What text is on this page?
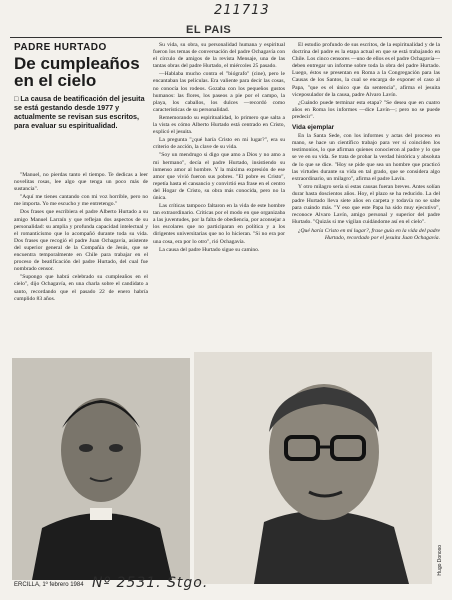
211713
EL PAIS
PADRE HURTADO
De cumpleaños en el cielo
□ La causa de beatificación del jesuita se está gestando desde 1977 y actualmente se revisan sus escritos, para evaluar su espiritualidad.

"Manuel, no pierdas tanto el tiempo. Te dedicas a leer novelitas rosas, lee algo que tenga un poco más de sustancia".

"Aquí me tienes cantando con mi voz horrible, pero no me importa. Yo me escucho y me entretengo."

Dos frases que escribiera el padre Alberto Hurtado a su amigo Manuel Larraín y que reflejan dos aspectos de su personalidad: su amplia y profunda capacidad intelectual y el romanticismo que lo acompañó durante toda su vida. Dos frases que recogió el padre Juan Ochagavía, asistente del superior general de la Compañía de Jesús, que se encuentra temporalmente en Chile para trabajar en el proceso de beatificación del padre Hurtado, del cual fue nombrado censor.

"Supongo que habrá celebrado su cumpleaños en el cielo", dijo Ochagavía, en una charla sobre el candidato a santo, recordando que el pasado 22 de enero habría cumplido 83 años.

Su vida, su obra, su personalidad humana y espiritual fueron los temas de conversación del padre Ochagavía con el círculo de amigos de la revista Mensaje, una de las tantas obras del padre Hurtado, el miércoles 25 pasado.

—Hablaba mucho contra el "biógrafo" (cine), pero le encantaban las películas. Era valiente para decir las cosas, no conocía los rodeos. Gozaba con los pequeños gustos humanos: las flores, los paseos a pie por el campo, la playa, los caballos, los dulces —recordó como características de su personalidad.

Rememorando su espiritualidad, lo primero que salta a la vista es cómo Alberto Hurtado está centrado en Cristo, explicó el jesuita.

La pregunta "¿qué haría Cristo en mi lugar?", era su criterio de acción, la clave de su vida.

"Soy un mendrugo si digo que amo a Dios y no amo a mi hermano", decía el padre Hurtado, insistiendo su inmenso amor al hombre. Y la máxima expresión de ese amor que vivió fueron sus pobres. "El pobre es Cristo", repetía hasta el cansancio y convirtió esa frase en el centro del Hogar de Cristo, su obra más conocida, pero no la única.

Las críticas tampoco faltaron en la vida de este hombre tan extraordinario. Criticas por el modo en que organizaba a las juventudes, por la falta de obediencia, por aconsejar a los escolares que no participaran en política y a los dirigentes universitarias que no lo hicieran. "Si no era por una cosa, era por lo otro", rió Ochagavía.

La causa del padre Hurtado sigue su camino.

El estudio profundo de sus escritos, de la espiritualidad y de la doctrina del padre es la etapa actual en que se está trabajando en Chile. Los cinco censores —uno de ellos es el padre Ochagavía— deben entregar un informe sobre toda la obra del padre Hurtado. Luego, éstos se presentan en Roma a la Congregación para las Causas de los Santos, la cual se encarga de exponer el caso al Papa, "que es el único que da sentencia", afirma el jesuita viceposulador de la causa, padre Alvaro Lavín.

¿Cuándo puede terminar esta etapa? "Se desea que en cuatro años en Roma los informes —dice Lavín—; pero no se puede predecir".

Vida ejemplar

En la Santa Sede, con los informes y actas del proceso en mano, se hace un científico trabajo para ver si coinciden los testimonios, lo que afirman quienes conocieron al padre y lo que se ve en su vida. Se trata de probar la verdad histórica y absoluta de lo que se dice. "Hoy se pide que sea un hombre que practicó las virtudes durante su vida en tal grado, que se considera algo extraordinario, un milagro", afirma el padre Lavín.

Y otro milagro sería si estas causas fueran breves. Antes solían durar hasta doscientos años. Hoy, el plazo se ha reducido. La del padre Hurtado lleva siete años en carpeta y todavía no se sabe para cuándo más. "Y eso que este Papa ha sido muy ejecutivo", reconoce Alvaro Lavín, amigo personal y superior del padre Hurtado. "Quizás si me vigilan cuidándome así en el cielo".

¿Qué haría Cristo en mi lugar?, frase guía en la vida del padre Hurtado, recordado por el jesuita Juan Ochagavía.
Hugo Donoso
ERCILLA, 1º febrero 1984 Nº 2531. Stgo.
